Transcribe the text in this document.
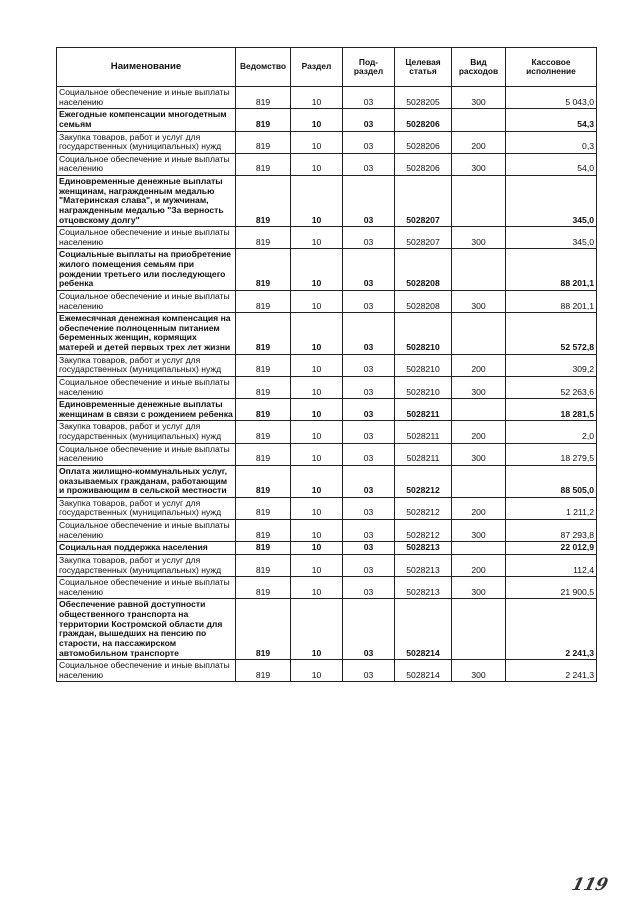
Наименование	Ведомство	Раздел	Под-раздел	Целевая статья	Вид расходов	Кассовое исполнение
Социальное обеспечение и иные выплаты населению	819	10	03	5028205	300	5 043,0
Ежегодные компенсации многодетным семьям	819	10	03	5028206		54,3
Закупка товаров, работ и услуг для государственных (муниципальных) нужд	819	10	03	5028206	200	0,3
Социальное обеспечение и иные выплаты населению	819	10	03	5028206	300	54,0
Единовременные денежные выплаты женщинам, награжденным медалью "Материнская слава", и мужчинам, награжденным медалью "За верность отцовскому долгу"	819	10	03	5028207		345,0
Социальное обеспечение и иные выплаты населению	819	10	03	5028207	300	345,0
Социальные выплаты на приобретение жилого помещения семьям при рождении третьего или последующего ребенка	819	10	03	5028208		88 201,1
Социальное обеспечение и иные выплаты населению	819	10	03	5028208	300	88 201,1
Ежемесячная денежная компенсация на обеспечение полноценным питанием беременных женщин, кормящих матерей и детей первых трех лет жизни	819	10	03	5028210		52 572,8
Закупка товаров, работ и услуг для государственных (муниципальных) нужд	819	10	03	5028210	200	309,2
Социальное обеспечение и иные выплаты населению	819	10	03	5028210	300	52 263,6
Единовременные денежные выплаты женщинам в связи с рождением ребенка	819	10	03	5028211		18 281,5
Закупка товаров, работ и услуг для государственных (муниципальных) нужд	819	10	03	5028211	200	2,0
Социальное обеспечение и иные выплаты населению	819	10	03	5028211	300	18 279,5
Оплата жилищно-коммунальных услуг, оказываемых гражданам, работающим и проживающим в сельской местности	819	10	03	5028212		88 505,0
Закупка товаров, работ и услуг для государственных (муниципальных) нужд	819	10	03	5028212	200	1 211,2
Социальное обеспечение и иные выплаты населению	819	10	03	5028212	300	87 293,8
Социальная поддержка населения	819	10	03	5028213		22 012,9
Закупка товаров, работ и услуг для государственных (муниципальных) нужд	819	10	03	5028213	200	112,4
Социальное обеспечение и иные выплаты населению	819	10	03	5028213	300	21 900,5
Обеспечение равной доступности общественного транспорта на территории Костромской области для граждан, вышедших на пенсию по старости, на пассажирском автомобильном транспорте	819	10	03	5028214		2 241,3
Социальное обеспечение и иные выплаты населению	819	10	03	5028214	300	2 241,3
119
